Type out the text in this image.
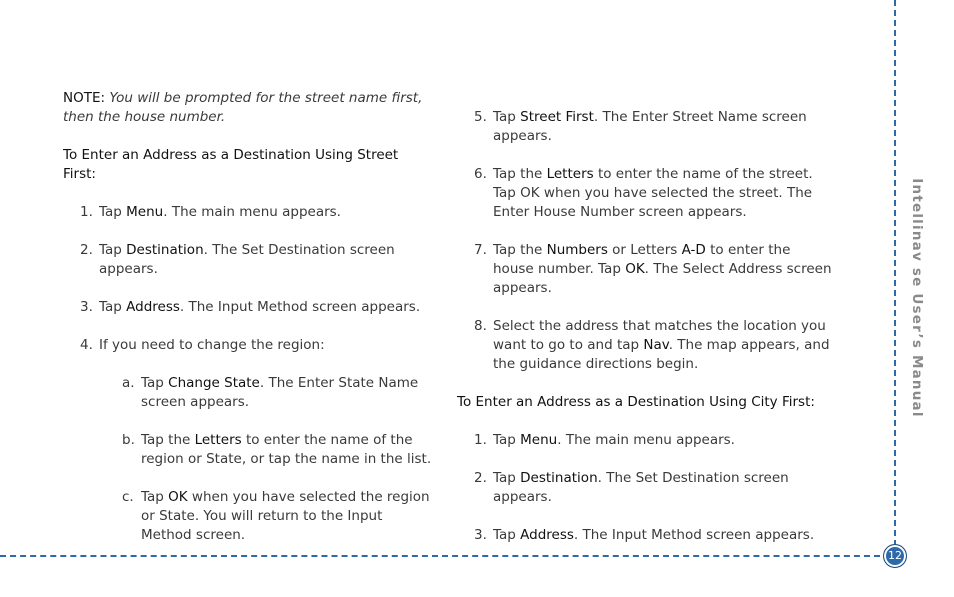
Intellinav se User’s Manual
12

NOTE: You will be prompted for the street name first, then the house number.

To Enter an Address as a Destination Using Street First:

1. Tap Menu. The main menu appears.

2. Tap Destination. The Set Destination screen appears.

3. Tap Address. The Input Method screen appears.

4. If you need to change the region:

a. Tap Change State. The Enter State Name screen appears.

b. Tap the Letters to enter the name of the region or State, or tap the name in the list.

c. Tap OK when you have selected the region or State. You will return to the Input Method screen.

5. Tap Street First. The Enter Street Name screen appears.

6. Tap the Letters to enter the name of the street. Tap OK when you have selected the street. The Enter House Number screen appears.

7. Tap the Numbers or Letters A-D to enter the house number. Tap OK. The Select Address screen appears.

8. Select the address that matches the location you want to go to and tap Nav. The map appears, and the guidance directions begin.

To Enter an Address as a Destination Using City First:

1. Tap Menu. The main menu appears.

2. Tap Destination. The Set Destination screen appears.

3. Tap Address. The Input Method screen appears.
